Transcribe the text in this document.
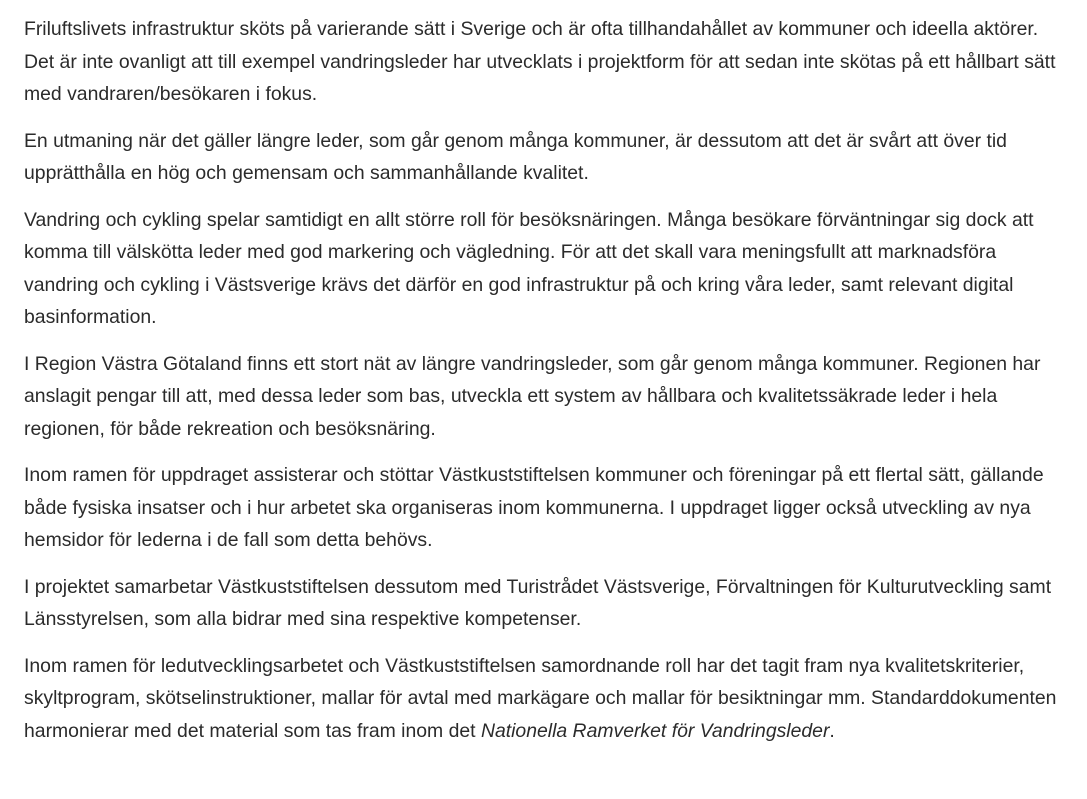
Friluftslivets infrastruktur sköts på varierande sätt i Sverige och är ofta tillhandahållet av kommuner och ideella aktörer. Det är inte ovanligt att till exempel vandringsleder har utvecklats i projektform för att sedan inte skötas på ett hållbart sätt med vandraren/besökaren i fokus.

En utmaning när det gäller längre leder, som går genom många kommuner, är dessutom att det är svårt att över tid upprätthålla en hög och gemensam och sammanhållande kvalitet.

Vandring och cykling spelar samtidigt en allt större roll för besöksnäringen. Många besökare förväntningar sig dock att komma till välskötta leder med god markering och vägledning. För att det skall vara meningsfullt att marknadsföra vandring och cykling i Västsverige krävs det därför en god infrastruktur på och kring våra leder, samt relevant digital basinformation.

I Region Västra Götaland finns ett stort nät av längre vandringsleder, som går genom många kommuner. Regionen har anslagit pengar till att, med dessa leder som bas, utveckla ett system av hållbara och kvalitetssäkrade leder i hela regionen, för både rekreation och besöksnäring.

Inom ramen för uppdraget assisterar och stöttar Västkuststiftelsen kommuner och föreningar på ett flertal sätt, gällande både fysiska insatser och i hur arbetet ska organiseras inom kommunerna. I uppdraget ligger också utveckling av nya hemsidor för lederna i de fall som detta behövs.

I projektet samarbetar Västkuststiftelsen dessutom med Turistrådet Västsverige, Förvaltningen för Kulturutveckling samt Länsstyrelsen, som alla bidrar med sina respektive kompetenser.

Inom ramen för ledutvecklingsarbetet och Västkuststiftelsen samordnande roll har det tagit fram nya kvalitetskriterier, skyltprogram, skötselinstruktioner, mallar för avtal med markägare och mallar för besiktningar mm. Standarddokumenten harmonierar med det material som tas fram inom det Nationella Ramverket för Vandringsleder.
